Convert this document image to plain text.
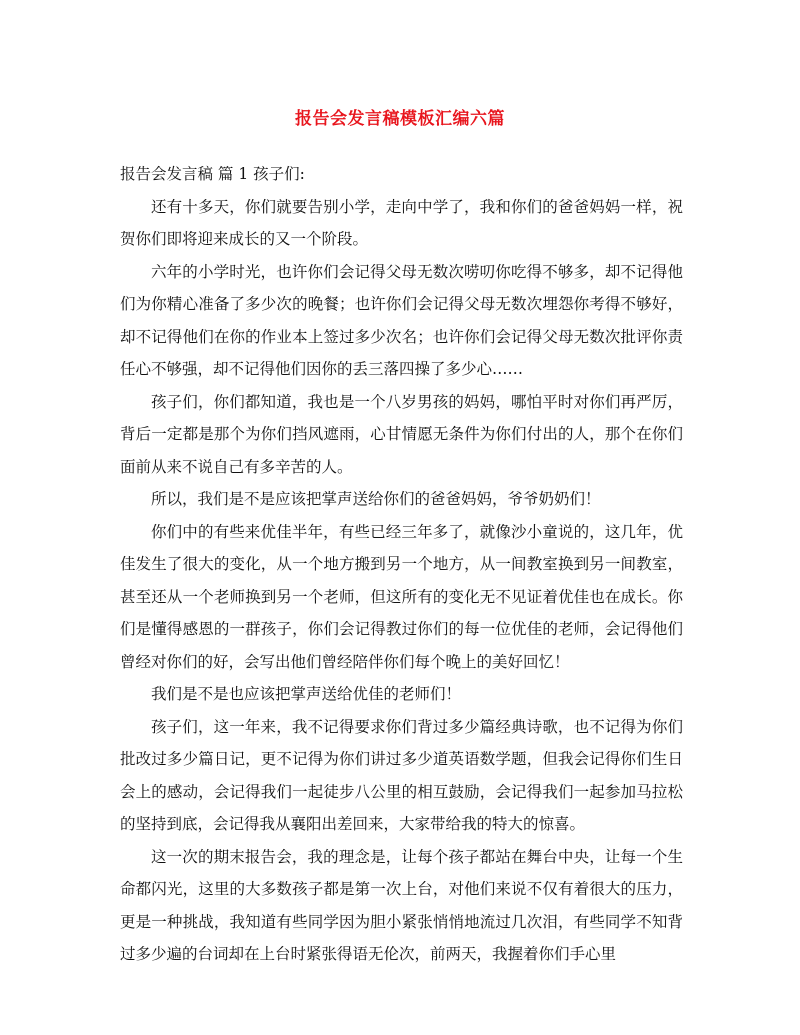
报告会发言稿模板汇编六篇

报告会发言稿 篇 1 孩子们:

还有十多天，你们就要告别小学，走向中学了，我和你们的爸爸妈妈一样，祝贺你们即将迎来成长的又一个阶段。

六年的小学时光，也许你们会记得父母无数次唠叨你吃得不够多，却不记得他们为你精心准备了多少次的晚餐；也许你们会记得父母无数次埋怨你考得不够好，却不记得他们在你的作业本上签过多少次名；也许你们会记得父母无数次批评你责任心不够强，却不记得他们因你的丢三落四操了多少心……

孩子们，你们都知道，我也是一个八岁男孩的妈妈，哪怕平时对你们再严厉，背后一定都是那个为你们挡风遮雨，心甘情愿无条件为你们付出的人，那个在你们面前从来不说自己有多辛苦的人。

所以，我们是不是应该把掌声送给你们的爸爸妈妈，爷爷奶奶们！

你们中的有些来优佳半年，有些已经三年多了，就像沙小童说的，这几年，优佳发生了很大的变化，从一个地方搬到另一个地方，从一间教室换到另一间教室，甚至还从一个老师换到另一个老师，但这所有的变化无不见证着优佳也在成长。你们是懂得感恩的一群孩子，你们会记得教过你们的每一位优佳的老师，会记得他们曾经对你们的好，会写出他们曾经陪伴你们每个晚上的美好回忆！

我们是不是也应该把掌声送给优佳的老师们！

孩子们，这一年来，我不记得要求你们背过多少篇经典诗歌，也不记得为你们批改过多少篇日记，更不记得为你们讲过多少道英语数学题，但我会记得你们生日会上的感动，会记得我们一起徒步八公里的相互鼓励，会记得我们一起参加马拉松的坚持到底，会记得我从襄阳出差回来，大家带给我的特大的惊喜。

这一次的期末报告会，我的理念是，让每个孩子都站在舞台中央，让每一个生命都闪光，这里的大多数孩子都是第一次上台，对他们来说不仅有着很大的压力，更是一种挑战，我知道有些同学因为胆小紧张悄悄地流过几次泪，有些同学不知背过多少遍的台词却在上台时紧张得语无伦次，前两天，我握着你们手心里
